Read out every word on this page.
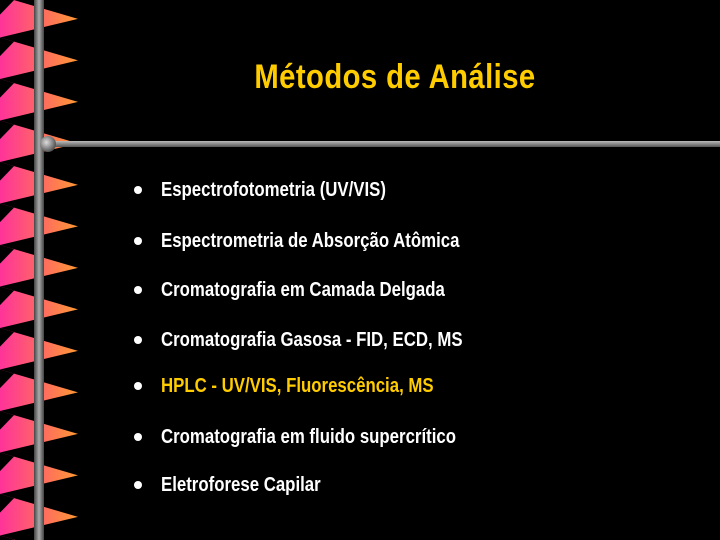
Métodos de Análise
Espectrofotometria (UV/VIS)
Espectrometria de Absorção Atômica
Cromatografia em Camada Delgada
Cromatografia Gasosa - FID, ECD, MS
HPLC - UV/VIS, Fluorescência, MS
Cromatografia em fluido supercrítico
Eletroforese Capilar
